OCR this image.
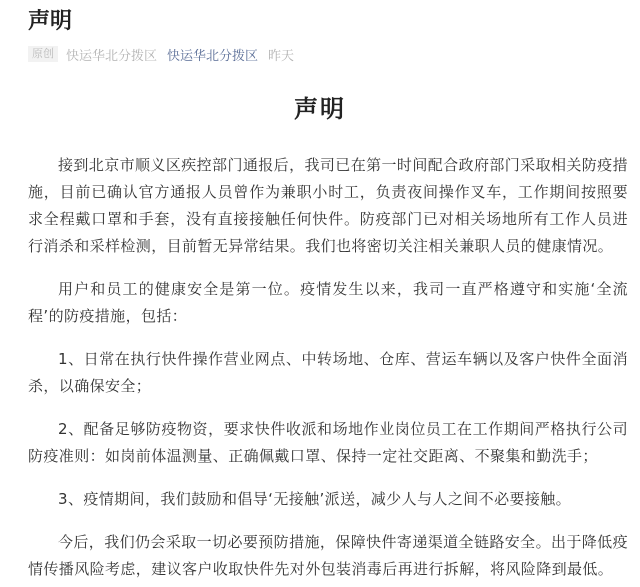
声明
原创 快运华北分拨区 快运华北分拨区 昨天
声明

接到北京市顺义区疾控部门通报后，我司已在第一时间配合政府部门采取相关防疫措施，目前已确认官方通报人员曾作为兼职小时工，负责夜间操作叉车，工作期间按照要求全程戴口罩和手套，没有直接接触任何快件。防疫部门已对相关场地所有工作人员进行消杀和采样检测，目前暂无异常结果。我们也将密切关注相关兼职人员的健康情况。

用户和员工的健康安全是第一位。疫情发生以来，我司一直严格遵守和实施‘全流程’的防疫措施，包括：

1、日常在执行快件操作营业网点、中转场地、仓库、营运车辆以及客户快件全面消杀，以确保安全；

2、配备足够防疫物资，要求快件收派和场地作业岗位员工在工作期间严格执行公司防疫准则：如岗前体温测量、正确佩戴口罩、保持一定社交距离、不聚集和勤洗手；

3、疫情期间，我们鼓励和倡导‘无接触’派送，减少人与人之间不必要接触。

今后，我们仍会采取一切必要预防措施，保障快件寄递渠道全链路安全。出于降低疫情传播风险考虑，建议客户收取快件先对外包装消毒后再进行拆解，将风险降到最低。
